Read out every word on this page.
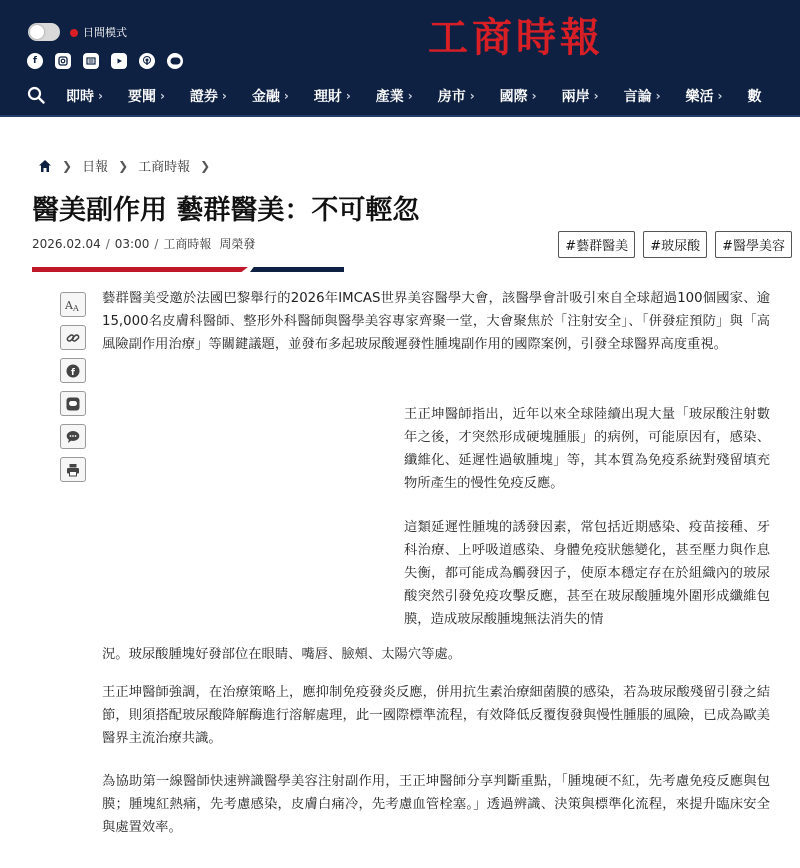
日間模式	工商時報
f
即時 › 要聞 › 證券 › 金融 › 理財 › 產業 › 房市 › 國際 › 兩岸 › 言論 › 樂活 › 數
❯ 日報 ❯ 工商時報 ❯
醫美副作用 藝群醫美：不可輕忽
2026.02.04 / 03:00 / 工商時報 周榮發	#藝群醫美	#玻尿酸	#醫學美容
A A
f

藝群醫美受邀於法國巴黎舉行的2026年IMCAS世界美容醫學大會，該醫學會計吸引來自全球超過100個國家、逾15,000名皮膚科醫師、整形外科醫師與醫學美容專家齊聚一堂，大會聚焦於「注射安全」、「併發症預防」與「高風險副作用治療」等關鍵議題，並發布多起玻尿酸遲發性腫塊副作用的國際案例，引發全球醫界高度重視。

王正坤醫師指出，近年以來全球陸續出現大量「玻尿酸注射數年之後，才突然形成硬塊腫脹」的病例，可能原因有，感染、纖維化、延遲性過敏腫塊」等，其本質為免疫系統對殘留填充物所產生的慢性免疫反應。

這類延遲性腫塊的誘發因素，常包括近期感染、疫苗接種、牙科治療、上呼吸道感染、身體免疫狀態變化，甚至壓力與作息失衡，都可能成為觸發因子，使原本穩定存在於組織內的玻尿酸突然引發免疫攻擊反應，甚至在玻尿酸腫塊外圍形成纖維包膜，造成玻尿酸腫塊無法消失的情

況。玻尿酸腫塊好發部位在眼睛、嘴唇、臉頰、太陽穴等處。

王正坤醫師強調，在治療策略上，應抑制免疫發炎反應，併用抗生素治療細菌膜的感染，若為玻尿酸殘留引發之結節，則須搭配玻尿酸降解酶進行溶解處理，此一國際標準流程，有效降低反覆復發與慢性腫脹的風險，已成為歐美醫界主流治療共識。

為協助第一線醫師快速辨識醫學美容注射副作用，王正坤醫師分享判斷重點，「腫塊硬不紅，先考慮免疫反應與包膜；腫塊紅熱痛，先考慮感染，皮膚白痛冷，先考慮血管栓塞。」透過辨識、決策與標準化流程，來提升臨床安全與處置效率。
